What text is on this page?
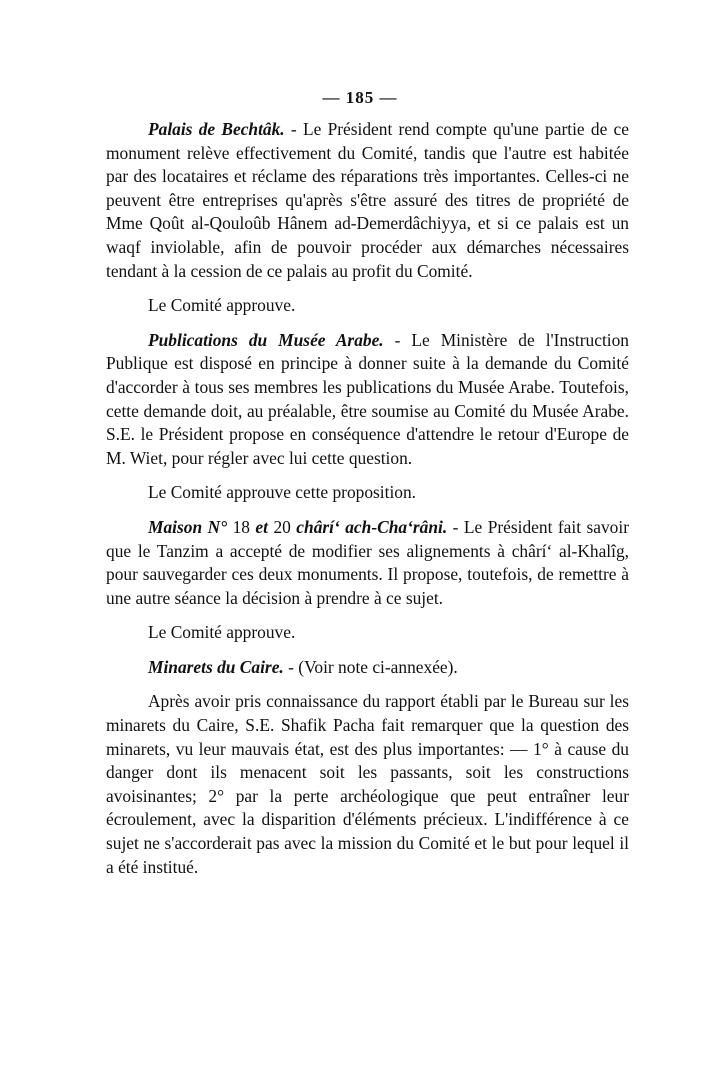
— 185 —

Palais de Bechtâk. - Le Président rend compte qu'une partie de ce monument relève effectivement du Comité, tandis que l'autre est habitée par des locataires et réclame des réparations très importantes. Celles-ci ne peuvent être entreprises qu'après s'être assuré des titres de propriété de Mme Qoût al-Qouloûb Hânem ad-Demerdâchiyya, et si ce palais est un waqf inviolable, afin de pouvoir procéder aux démarches nécessaires tendant à la cession de ce palais au profit du Comité.

Le Comité approuve.

Publications du Musée Arabe. - Le Ministère de l'Instruction Publique est disposé en principe à donner suite à la demande du Comité d'accorder à tous ses membres les publications du Musée Arabe. Toutefois, cette demande doit, au préalable, être soumise au Comité du Musée Arabe. S.E. le Président propose en conséquence d'attendre le retour d'Europe de M. Wiet, pour régler avec lui cette question.

Le Comité approuve cette proposition.

Maison N° 18 et 20 chârí‘ ach-Cha‘râni. - Le Président fait savoir que le Tanzim a accepté de modifier ses alignements à chârí‘ al-Khalîg, pour sauvegarder ces deux monuments. Il propose, toutefois, de remettre à une autre séance la décision à prendre à ce sujet.

Le Comité approuve.

Minarets du Caire. - (Voir note ci-annexée).

Après avoir pris connaissance du rapport établi par le Bureau sur les minarets du Caire, S.E. Shafik Pacha fait remarquer que la question des minarets, vu leur mauvais état, est des plus importantes: — 1° à cause du danger dont ils menacent soit les passants, soit les constructions avoisinantes; 2° par la perte archéologique que peut entraîner leur écroulement, avec la disparition d'éléments précieux. L'indifférence à ce sujet ne s'accorderait pas avec la mission du Comité et le but pour lequel il a été institué.
